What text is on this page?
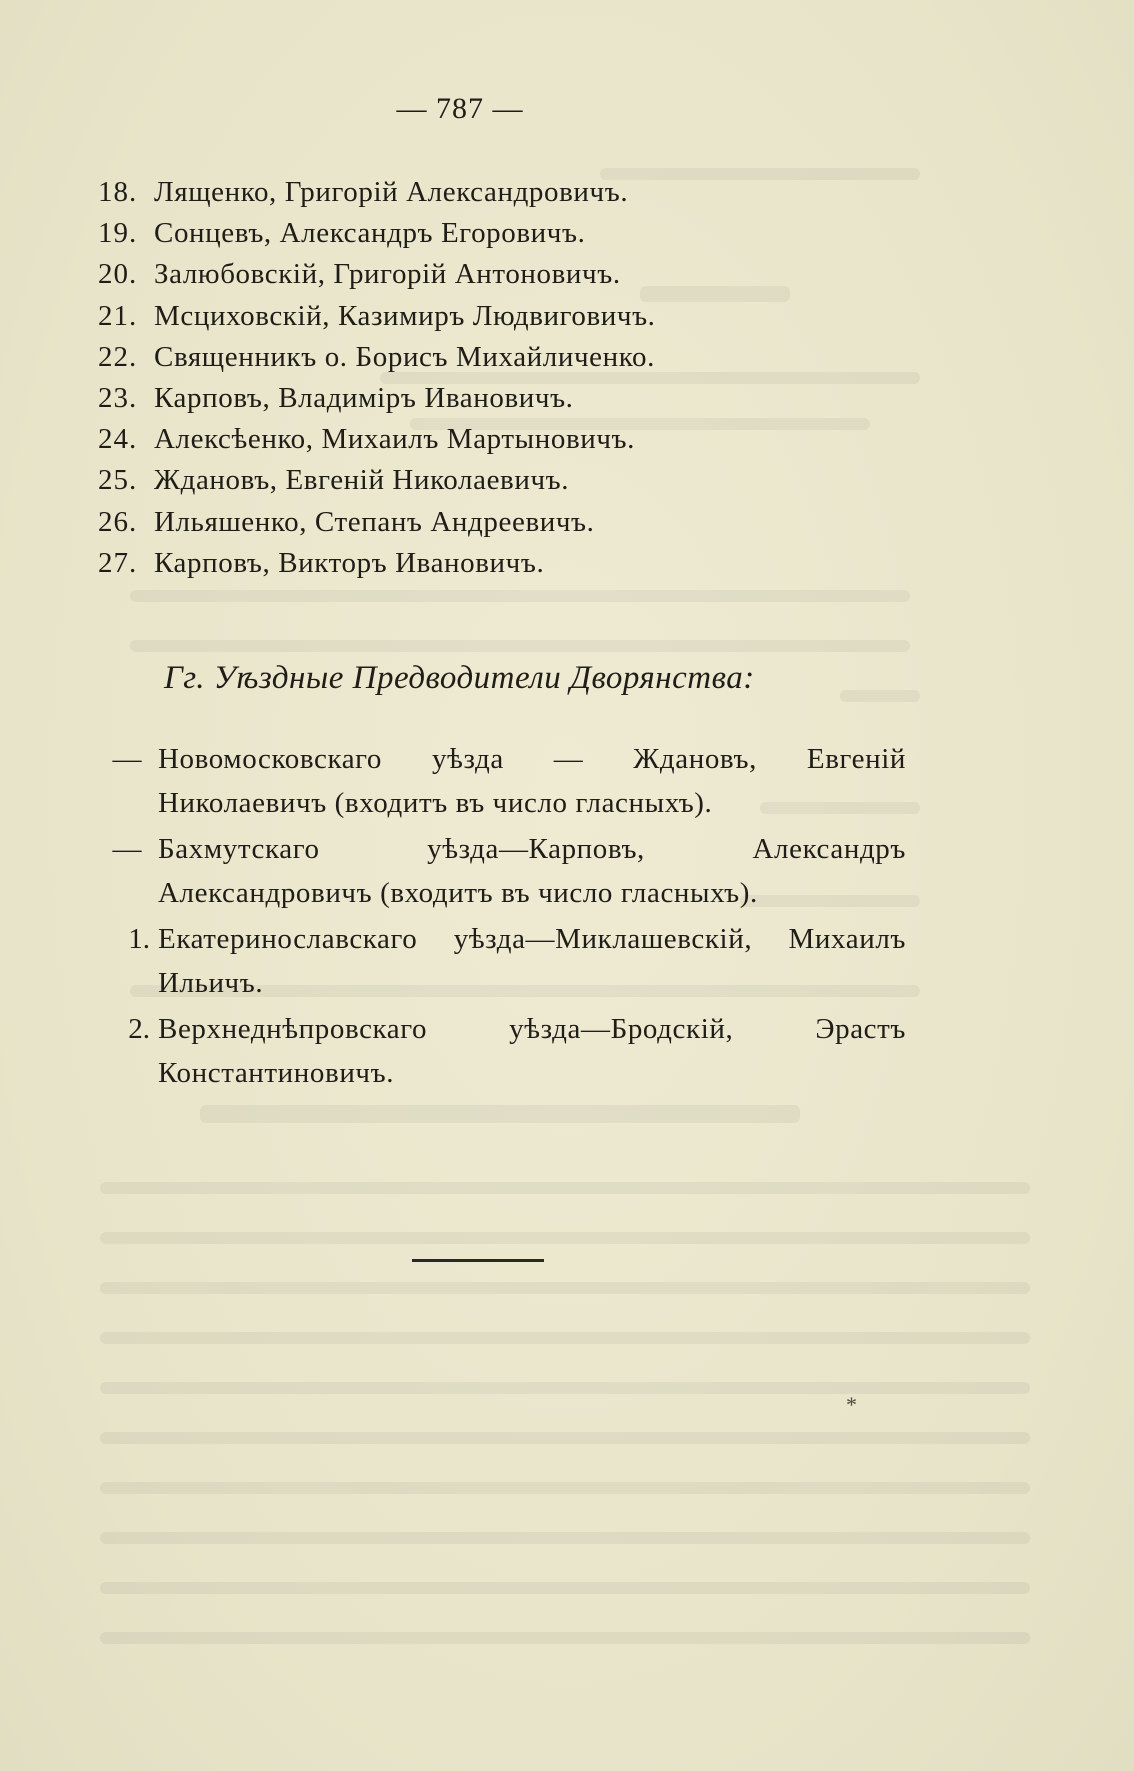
— 787 —
18. Лященко, Григорій Александровичъ.
19. Сонцевъ, Александръ Егоровичъ.
20. Залюбовскій, Григорій Антоновичъ.
21. Мсциховскій, Казимиръ Людвиговичъ.
22. Священникъ о. Борисъ Михайличенко.
23. Карповъ, Владиміръ Ивановичъ.
24. Алексѣенко, Михаилъ Мартыновичъ.
25. Ждановъ, Евгеній Николаевичъ.
26. Ильяшенко, Степанъ Андреевичъ.
27. Карповъ, Викторъ Ивановичъ.
Гг. Уѣздные Предводители Дворянства:
— Новомосковскаго уѣзда — Ждановъ, Евгеній Николаевичъ (входитъ въ число гласныхъ).
— Бахмутскаго уѣзда—Карповъ, Александръ Александровичъ (входитъ въ число гласныхъ).
1. Екатеринославскаго уѣзда—Миклашевскій, Михаилъ Ильичъ.
2. Верхнеднѣпровскаго уѣзда—Бродскій, Эрастъ Константиновичъ.
*
